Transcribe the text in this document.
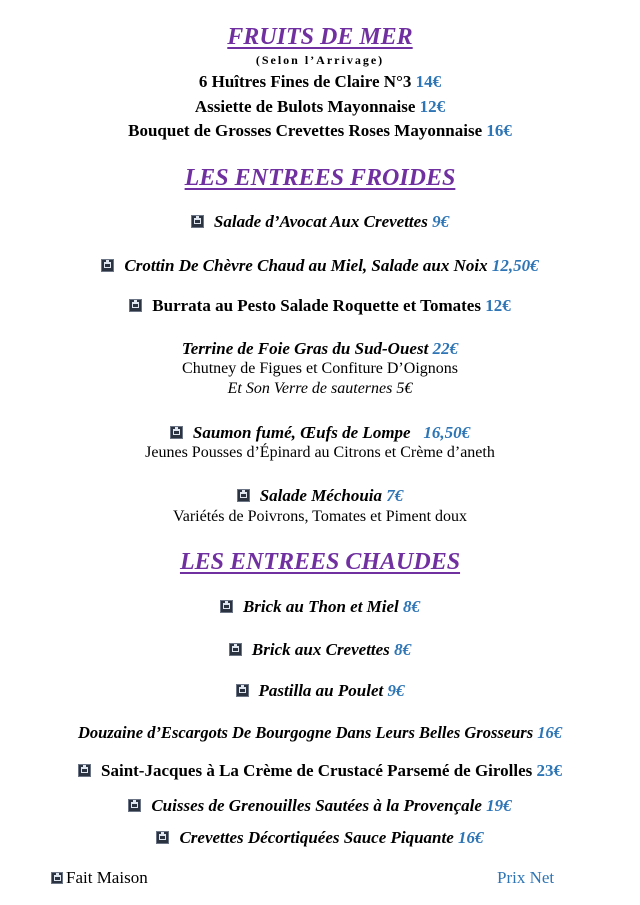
FRUITS DE MER
(Selon l’Arrivage)
6 Huîtres Fines de Claire N°3 14€
Assiette de Bulots Mayonnaise 12€
Bouquet de Grosses Crevettes Roses Mayonnaise 16€
LES ENTREES FROIDES
Salade d’Avocat Aux Crevettes 9€
Crottin De Chèvre Chaud au Miel, Salade aux Noix 12,50€
Burrata au Pesto Salade Roquette et Tomates 12€
Terrine de Foie Gras du Sud-Ouest 22€
Chutney de Figues et Confiture D’Oignons
Et Son Verre de sauternes 5€
Saumon fumé, Œufs de Lompe 16,50€
Jeunes Pousses d’Épinard au Citrons et Crème d’aneth
Salade Méchouia 7€
Variétés de Poivrons, Tomates et Piment doux
LES ENTREES CHAUDES
Brick au Thon et Miel 8€
Brick aux Crevettes 8€
Pastilla au Poulet 9€
Douzaine d’Escargots De Bourgogne Dans Leurs Belles Grosseurs 16€
Saint-Jacques à La Crème de Crustacé Parsemé de Girolles 23€
Cuisses de Grenouilles Sautées à la Provençale 19€
Crevettes Décortiquées Sauce Piquante 16€
Fait Maison	Prix Net
